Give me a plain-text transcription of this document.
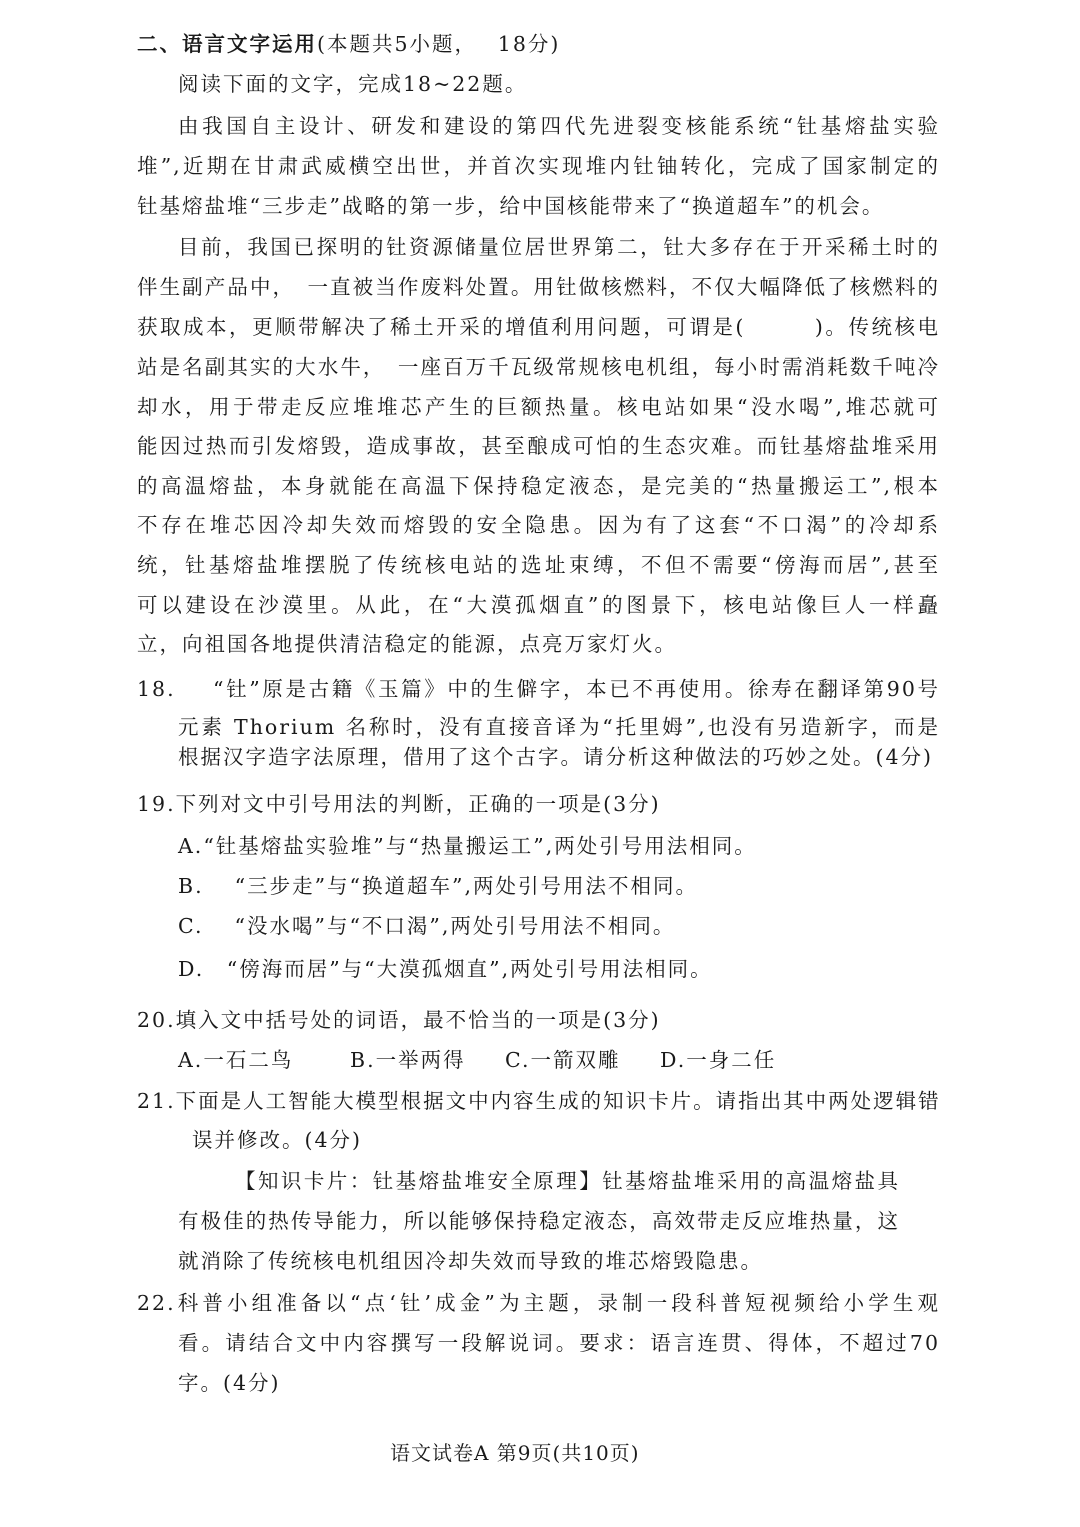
二、语言文字运用(本题共5小题，　 18分)
阅读下面的文字，完成18~22题。
由我国自主设计、研发和建设的第四代先进裂变核能系统“钍基熔盐实验
堆”,近期在甘肃武威横空出世，并首次实现堆内钍铀转化，完成了国家制定的
钍基熔盐堆“三步走”战略的第一步，给中国核能带来了“换道超车”的机会。
目前，我国已探明的钍资源储量位居世界第二，钍大多存在于开采稀土时的
伴生副产品中，　一直被当作废料处置。用钍做核燃料，不仅大幅降低了核燃料的
获取成本，更顺带解决了稀土开采的增值利用问题，可谓是(　　　)。传统核电
站是名副其实的大水牛，　一座百万千瓦级常规核电机组，每小时需消耗数千吨冷
却水，用于带走反应堆堆芯产生的巨额热量。核电站如果“没水喝”,堆芯就可
能因过热而引发熔毁，造成事故，甚至酿成可怕的生态灾难。而钍基熔盐堆采用
的高温熔盐，本身就能在高温下保持稳定液态，是完美的“热量搬运工”,根本
不存在堆芯因冷却失效而熔毁的安全隐患。因为有了这套“不口渴”的冷却系
统，钍基熔盐堆摆脱了传统核电站的选址束缚，不但不需要“傍海而居”,甚至
可以建设在沙漠里。从此，在“大漠孤烟直”的图景下，核电站像巨人一样矗
立，向祖国各地提供清洁稳定的能源，点亮万家灯火。
18. “钍”原是古籍《玉篇》中的生僻字，本已不再使用。徐寿在翻译第90号
元素 Thorium 名称时，没有直接音译为“托里姆”,也没有另造新字，而是
根据汉字造字法原理，借用了这个古字。请分析这种做法的巧妙之处。(4分)
19.下列对文中引号用法的判断，正确的一项是(3分)
A.“钍基熔盐实验堆”与“热量搬运工”,两处引号用法相同。
B.　 “三步走”与“换道超车”,两处引号用法不相同。
C.　 “没水喝”与“不口渴”,两处引号用法不相同。
D.　“傍海而居”与“大漠孤烟直”,两处引号用法相同。
20.填入文中括号处的词语，最不恰当的一项是(3分)
A.一石二鸟	B.一举两得 C.一箭双雕 D.一身二任
21.下面是人工智能大模型根据文中内容生成的知识卡片。请指出其中两处逻辑错
误并修改。(4分)
【知识卡片：钍基熔盐堆安全原理】钍基熔盐堆采用的高温熔盐具
有极佳的热传导能力，所以能够保持稳定液态，高效带走反应堆热量，这
就消除了传统核电机组因冷却失效而导致的堆芯熔毁隐患。
22.科普小组准备以“点‘钍’成金”为主题，录制一段科普短视频给小学生观
看。请结合文中内容撰写一段解说词。要求：语言连贯、得体，不超过70
字。(4分)
语文试卷A 第9页(共10页)
